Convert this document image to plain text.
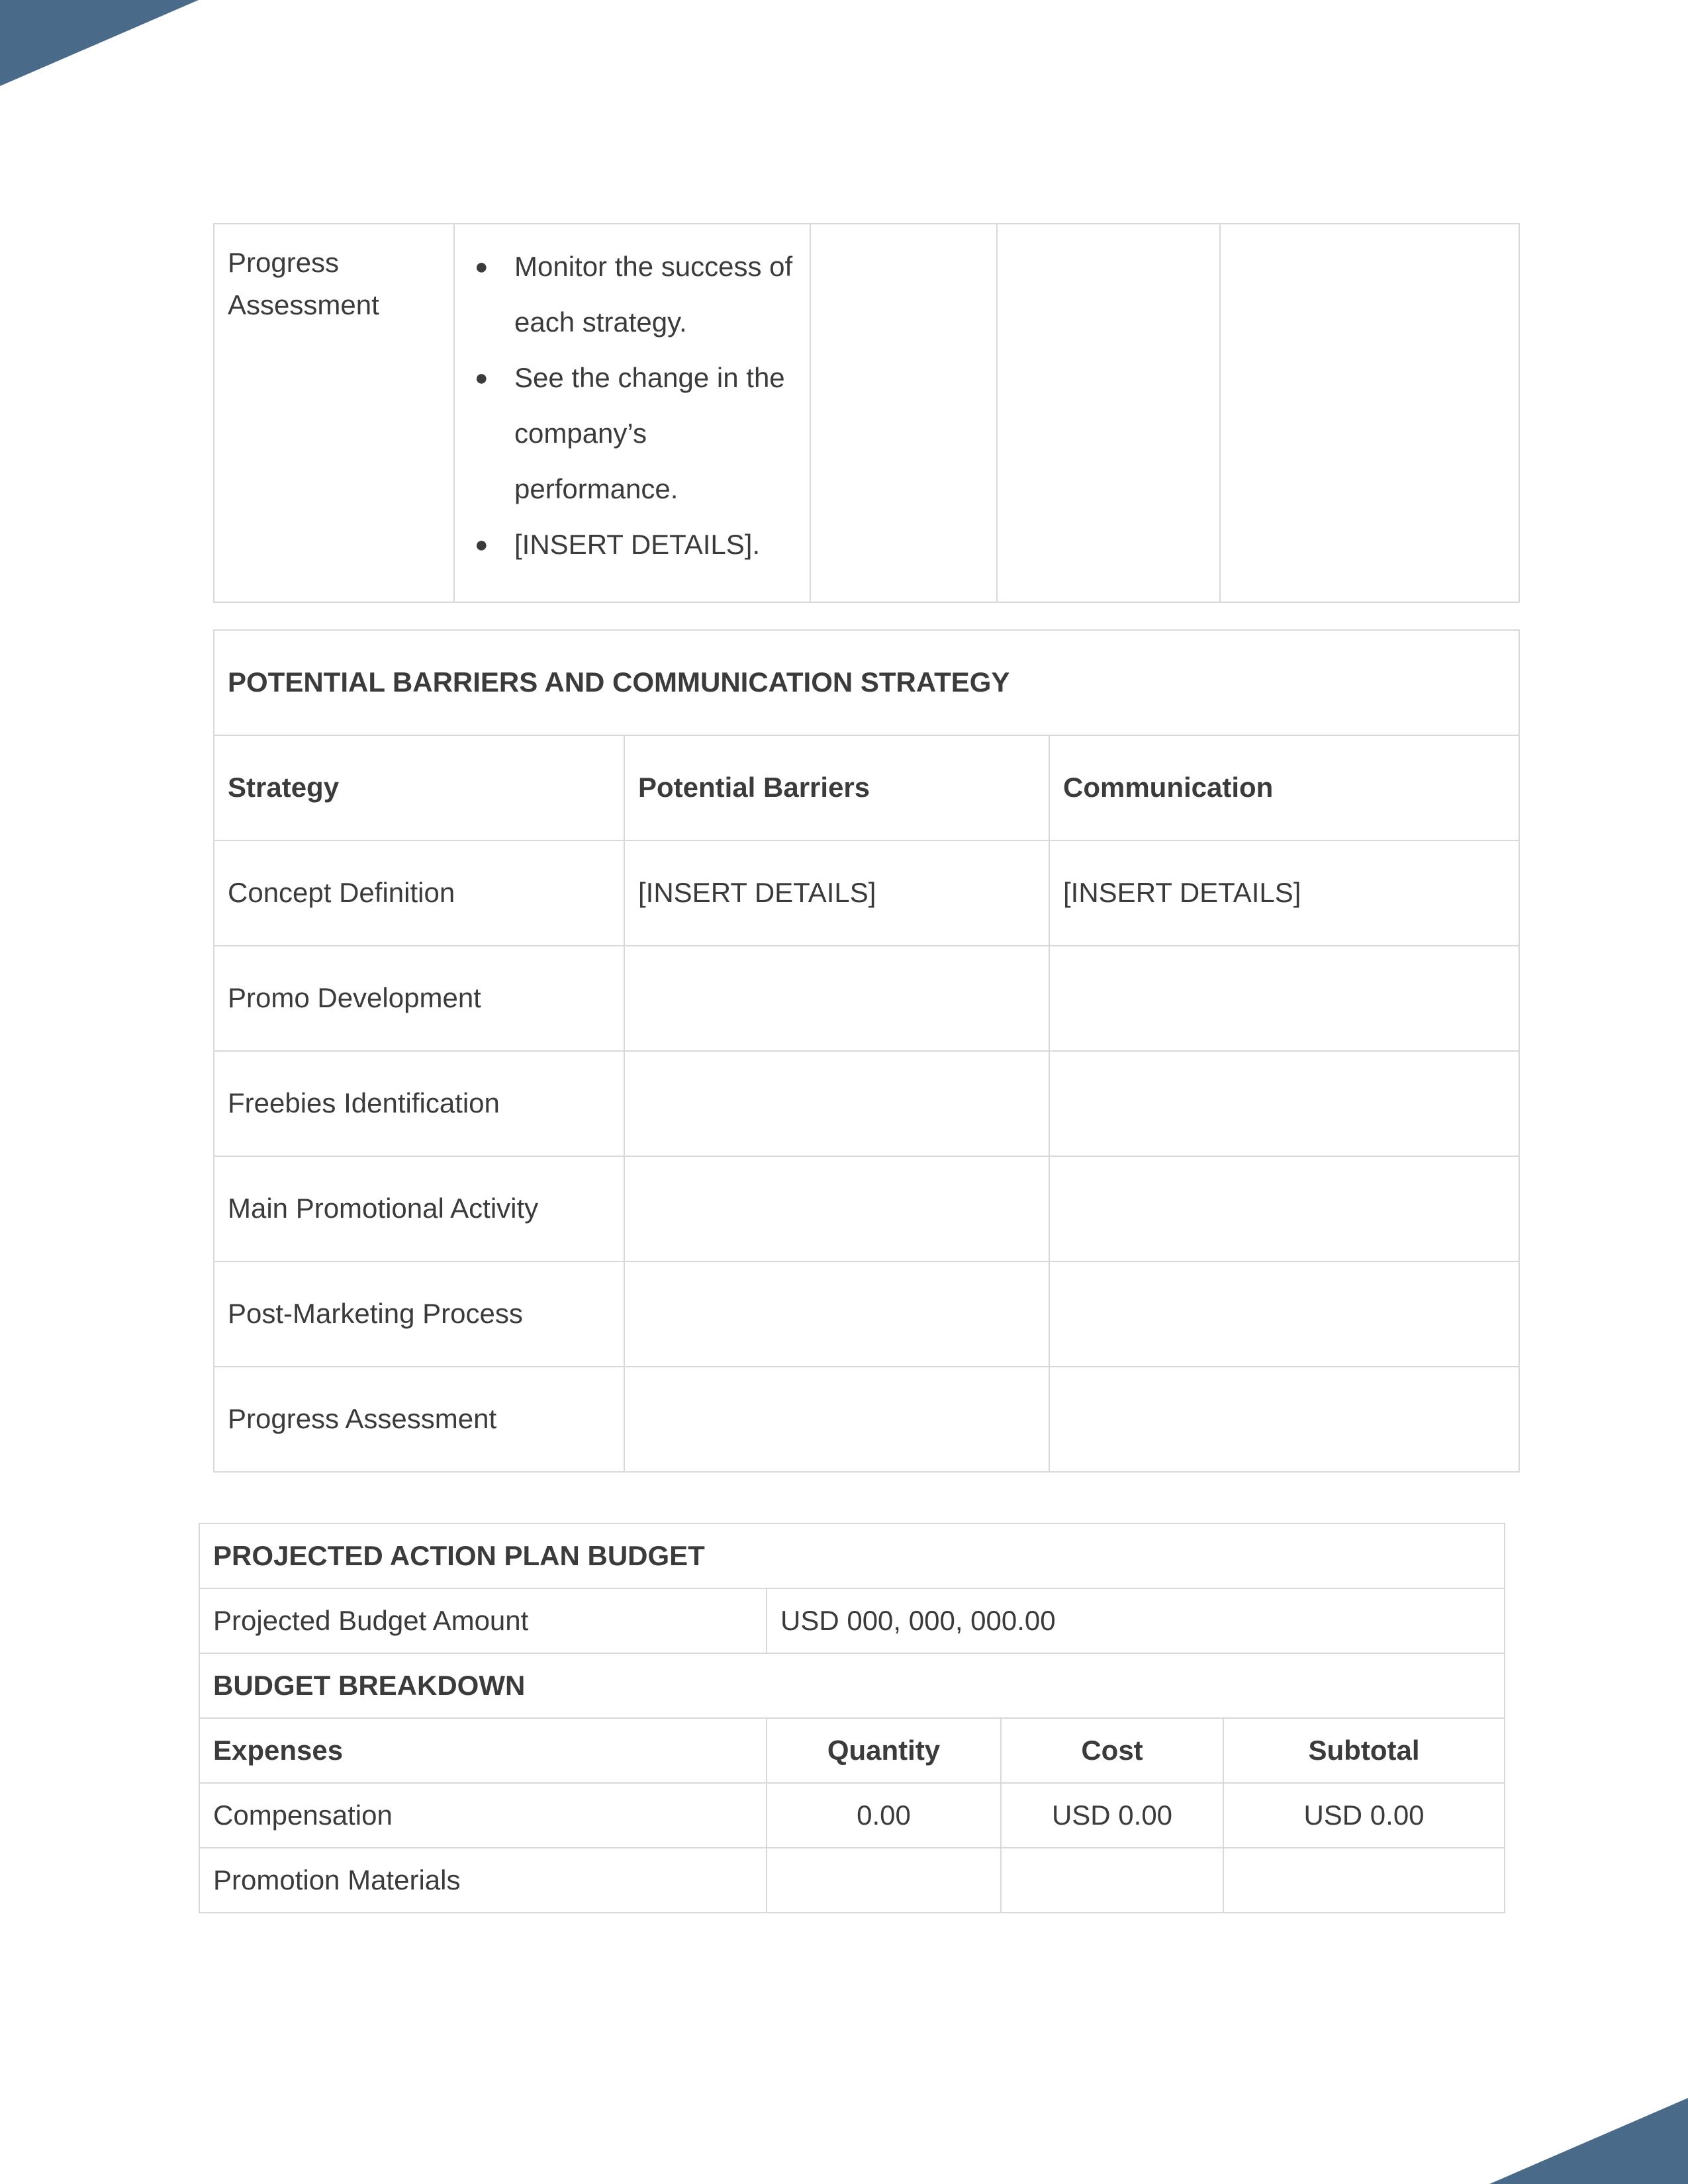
Progress Assessment	
● Monitor the success of each strategy.
● See the change in the company’s performance.
● [INSERT DETAILS].

POTENTIAL BARRIERS AND COMMUNICATION STRATEGY		
Strategy	Potential Barriers	Communication
Concept Definition	[INSERT DETAILS]	[INSERT DETAILS]
Promo Development		
Freebies Identification		
Main Promotional Activity		
Post-Marketing Process		
Progress Assessment		
PROJECTED ACTION PLAN BUDGET			
Projected Budget Amount	USD 000, 000, 000.00		
BUDGET BREAKDOWN			
Expenses	Quantity	Cost	Subtotal
Compensation	0.00	USD 0.00	USD 0.00
Promotion Materials			
